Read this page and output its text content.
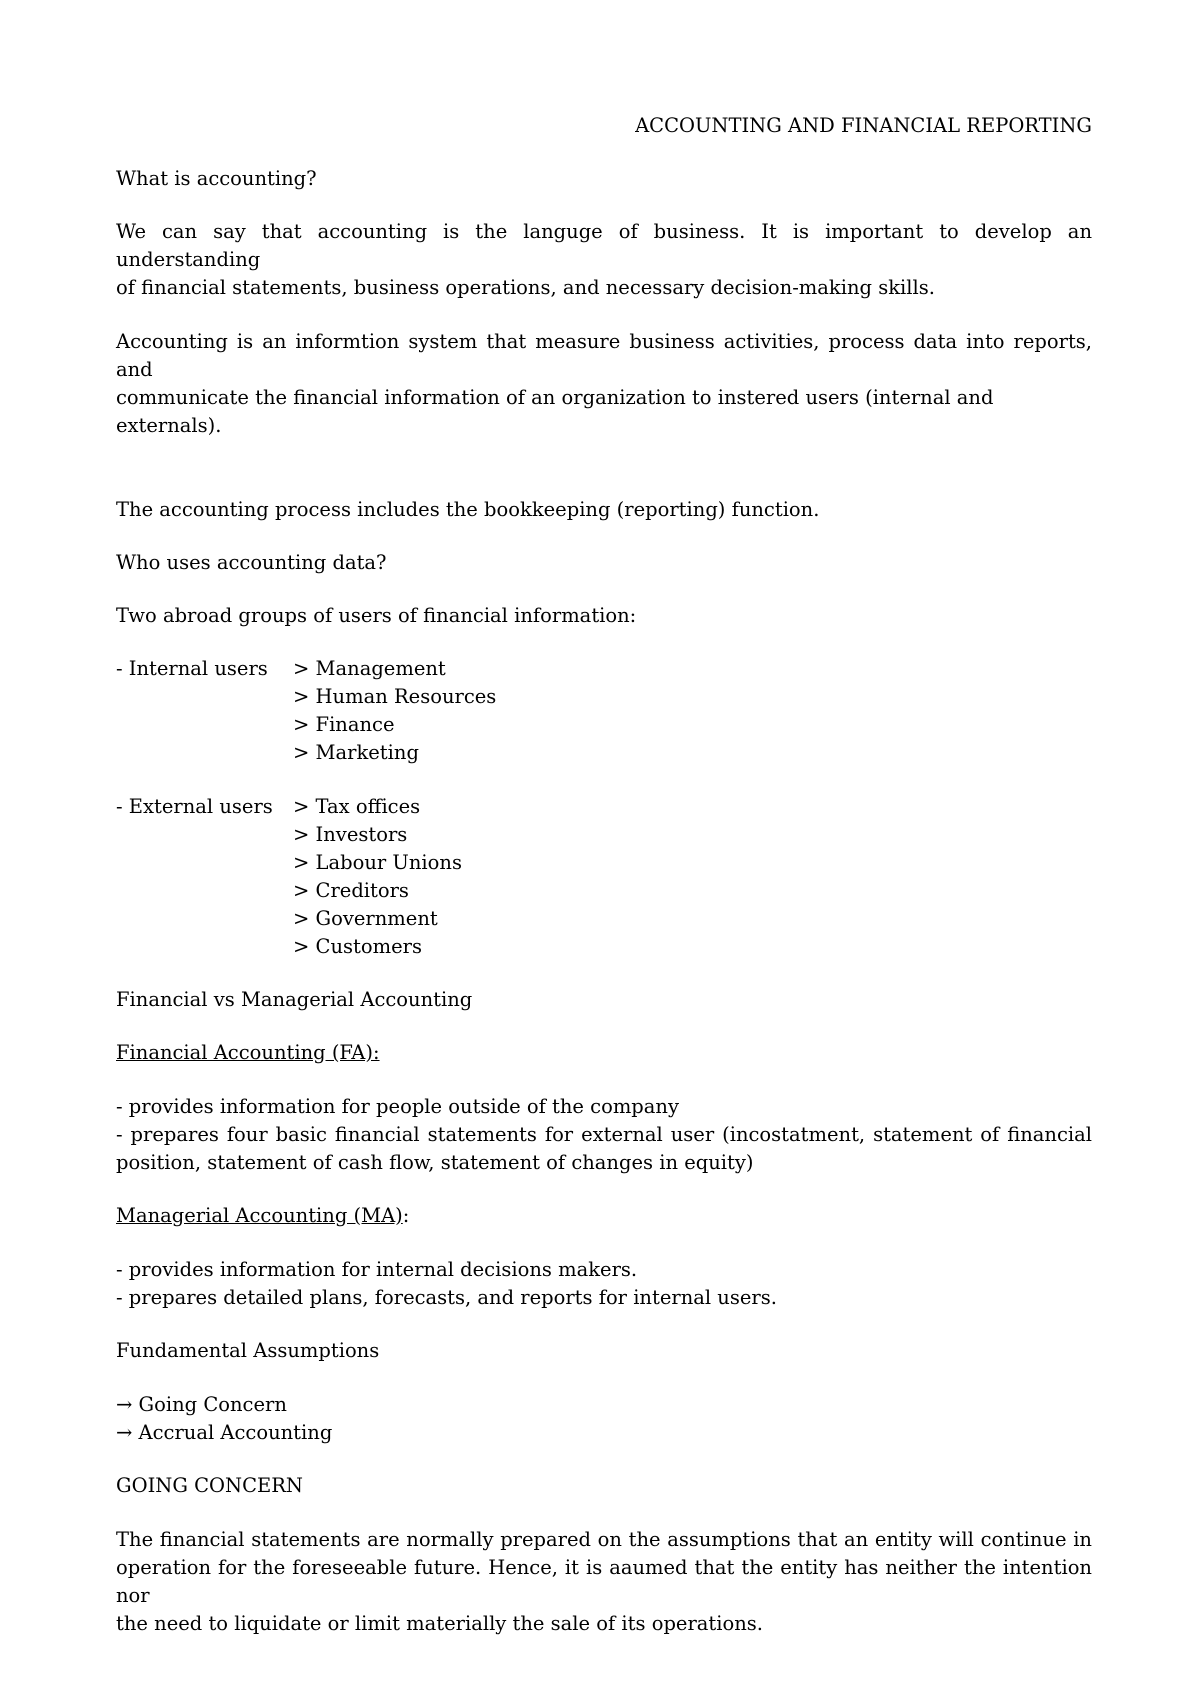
ACCOUNTING AND FINANCIAL REPORTING

What is accounting?

We can say that accounting is the languge of business. It is important to develop an understanding

of financial statements, business operations, and necessary decision-making skills.

Accounting is an informtion system that measure business activities, process data into reports, and

communicate the financial information of an organization to instered users (internal and externals).

The accounting process includes the bookkeeping (reporting) function.

Who uses accounting data?

Two abroad groups of users of financial information:

- Internal users > Management
> Human Resources
> Finance
> Marketing
- External users > Tax offices
> Investors
> Labour Unions
> Creditors
> Government
> Customers

Financial vs Managerial Accounting

Financial Accounting (FA):

- provides information for people outside of the company

- prepares four basic financial statements for external user (incostatment, statement of financial

position, statement of cash flow, statement of changes in equity)

Managerial Accounting (MA):

- provides information for internal decisions makers.

- prepares detailed plans, forecasts, and reports for internal users.

Fundamental Assumptions

→ Going Concern
→ Accrual Accounting

GOING CONCERN

The financial statements are normally prepared on the assumptions that an entity will continue in

operation for the foreseeable future. Hence, it is aaumed that the entity has neither the intention nor

the need to liquidate or limit materially the sale of its operations.
